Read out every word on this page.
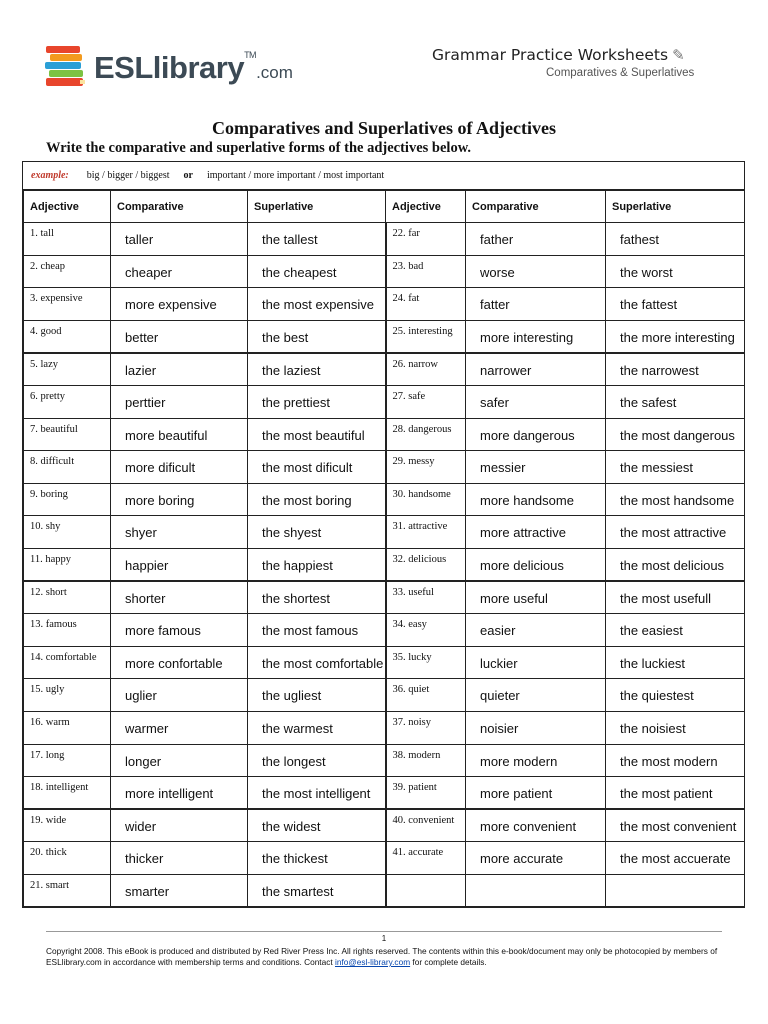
ESLlibrary™.com
Grammar Practice Worksheets ✎
Comparatives & Superlatives
Comparatives and Superlatives of Adjectives
Write the comparative and superlative forms of the adjectives below.
example: big / bigger / biggest or important / more important / most important
Adjective	Comparative	Superlative	Adjective	Comparative	Superlative
1. tall	taller	the tallest	22. far	father	fathest
2. cheap	cheaper	the cheapest	23. bad	worse	the worst
3. expensive	more expensive	the most expensive	24. fat	fatter	the fattest
4. good	better	the best	25. interesting	more interesting	the more interesting
5. lazy	lazier	the laziest	26. narrow	narrower	the narrowest
6. pretty	perttier	the prettiest	27. safe	safer	the safest
7. beautiful	more beautiful	the most beautiful	28. dangerous	more dangerous	the most dangerous
8. difficult	more dificult	the most dificult	29. messy	messier	the messiest
9. boring	more boring	the most boring	30. handsome	more handsome	the most handsome
10. shy	shyer	the shyest	31. attractive	more attractive	the most attractive
11. happy	happier	the happiest	32. delicious	more delicious	the most delicious
12. short	shorter	the shortest	33. useful	more useful	the most usefull
13. famous	more famous	the most famous	34. easy	easier	the easiest
14. comfortable	more confortable	the most comfortable	35. lucky	luckier	the luckiest
15. ugly	uglier	the ugliest	36. quiet	quieter	the quiestest
16. warm	warmer	the warmest	37. noisy	noisier	the noisiest
17. long	longer	the longest	38. modern	more modern	the most modern
18. intelligent	more intelligent	the most intelligent	39. patient	more patient	the most patient
19. wide	wider	the widest	40. convenient	more convenient	the most convenient
20. thick	thicker	the thickest	41. accurate	more accurate	the most accuerate
21. smart	smarter	the smartest			
1
Copyright 2008. This eBook is produced and distributed by Red River Press Inc. All rights reserved. The contents within this e-book/document may only be photocopied by members of ESLlibrary.com in accordance with membership terms and conditions. Contact info@esl-library.com for complete details.
